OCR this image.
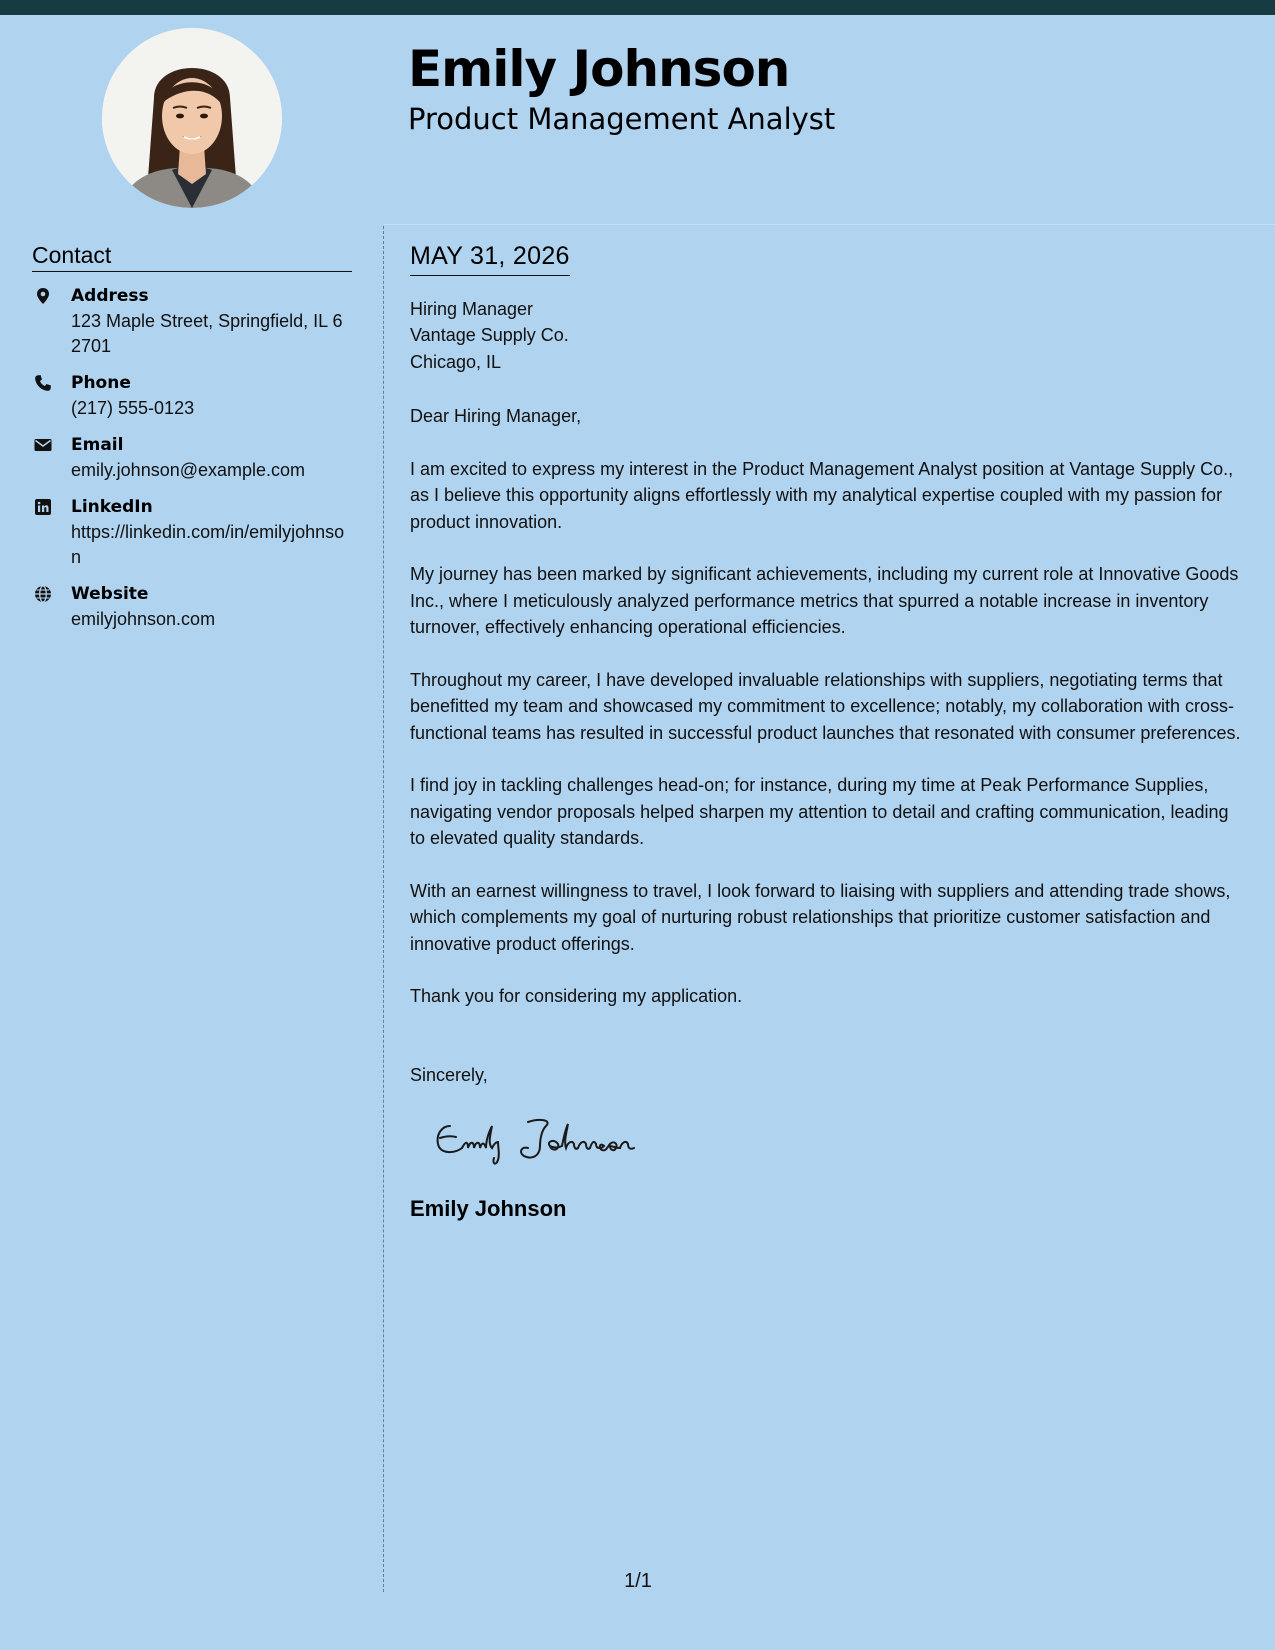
Emily Johnson
Product Management Analyst
Contact
Address
123 Maple Street, Springfield, IL 62701
Phone
(217) 555-0123
Email
emily.johnson@example.com
LinkedIn
https://linkedin.com/in/emilyjohnson
Website
emilyjohnson.com
MAY 31, 2026
Hiring Manager
Vantage Supply Co.
Chicago, IL
Dear Hiring Manager,
I am excited to express my interest in the Product Management Analyst position at Vantage Supply Co., as I believe this opportunity aligns effortlessly with my analytical expertise coupled with my passion for product innovation.
My journey has been marked by significant achievements, including my current role at Innovative Goods Inc., where I meticulously analyzed performance metrics that spurred a notable increase in inventory turnover, effectively enhancing operational efficiencies.
Throughout my career, I have developed invaluable relationships with suppliers, negotiating terms that benefitted my team and showcased my commitment to excellence; notably, my collaboration with cross-functional teams has resulted in successful product launches that resonated with consumer preferences.
I find joy in tackling challenges head-on; for instance, during my time at Peak Performance Supplies, navigating vendor proposals helped sharpen my attention to detail and crafting communication, leading to elevated quality standards.
With an earnest willingness to travel, I look forward to liaising with suppliers and attending trade shows, which complements my goal of nurturing robust relationships that prioritize customer satisfaction and innovative product offerings.
Thank you for considering my application.
Sincerely,
Emily Johnson
1/1
